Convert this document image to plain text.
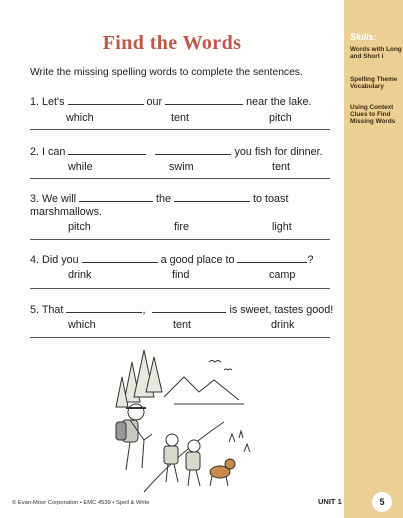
Find the Words
Write the missing spelling words to complete the sentences.
1. Let's	our	near the lake.
which	tent	pitch
2. I can	you fish for dinner.
while	swim	tent
3. We will	the	to toast
marshmallows.
pitch	fire	light
4. Did you	a good place to	?
drink	find	camp
5. That	,	is sweet, tastes good!
which	tent	drink
© Evan-Moor Corporation • EMC 4539 • Spell & Write	UNIT 1
Skills:
Words with Long and Short i
Spelling Theme Vocabulary
Using Context Clues to Find Missing Words
5
